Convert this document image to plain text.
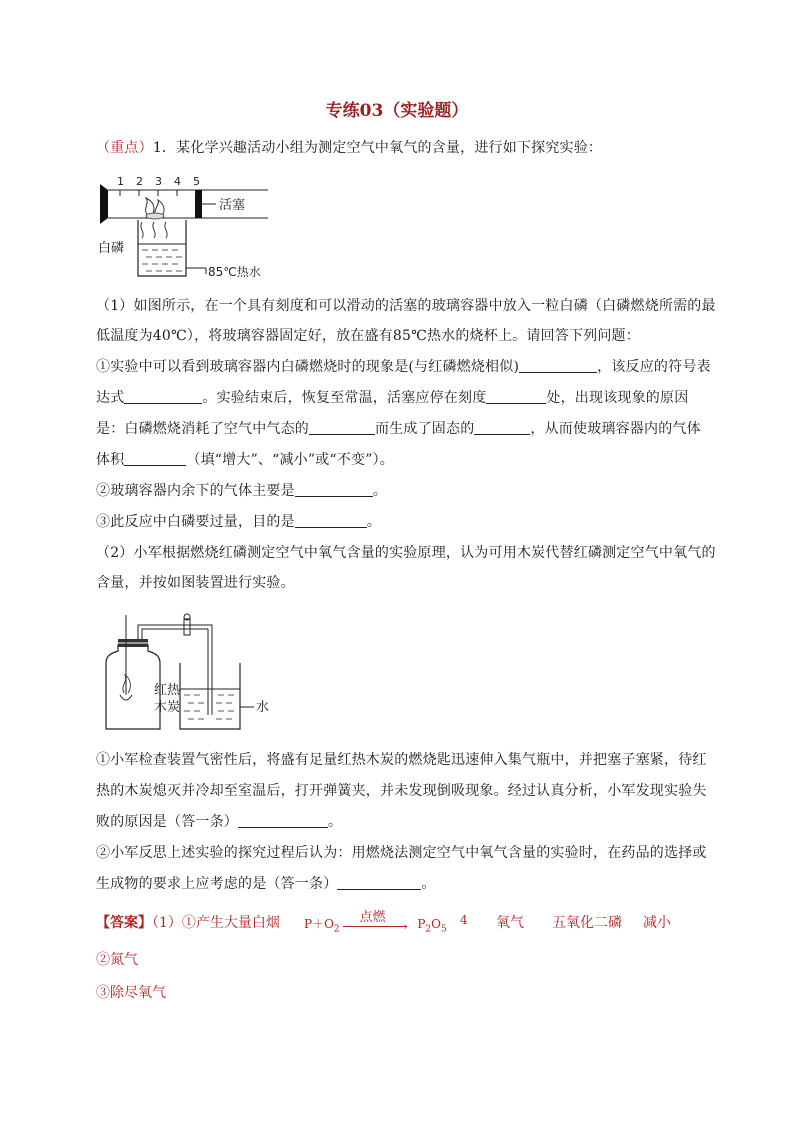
专练03（实验题）
（重点）1．某化学兴趣活动小组为测定空气中氧气的含量，进行如下探究实验：
1 2 3 4 5
活塞
白磷
85℃热水
（1）如图所示，在一个具有刻度和可以滑动的活塞的玻璃容器中放入一粒白磷（白磷燃烧所需的最
低温度为40℃），将玻璃容器固定好，放在盛有85℃热水的烧杯上。请回答下列问题：
①实验中可以看到玻璃容器内白磷燃烧时的现象是(与红磷燃烧相似)	，该反应的符号表
达式	。实验结束后，恢复至常温，活塞应停在刻度	处，出现该现象的原因
是：白磷燃烧消耗了空气中气态的	而生成了固态的	，从而使玻璃容器内的气体
体积	（填“增大”、“减小”或“不变”）。
②玻璃容器内余下的气体主要是	。
③此反应中白磷要过量，目的是	。
（2）小军根据燃烧红磷测定空气中氧气含量的实验原理，认为可用木炭代替红磷测定空气中氧气的
含量，并按如图装置进行实验。
红热
木炭	水
①小军检查装置气密性后，将盛有足量红热木炭的燃烧匙迅速伸入集气瓶中，并把塞子塞紧，待红
热的木炭熄灭并冷却至室温后，打开弹簧夹，并未发现倒吸现象。经过认真分析，小军发现实验失
败的原因是（答一条）	。
②小军反思上述实验的探究过程后认为：用燃烧法测定空气中氧气含量的实验时，在药品的选择或
生成物的要求上应考虑的是（答一条）	。
【答案】（1）①产生大量白烟 $P+O_2$
点燃
› $P_2O_5$
4 氧气 五氧化二磷 减小
②氮气
③除尽氧气
